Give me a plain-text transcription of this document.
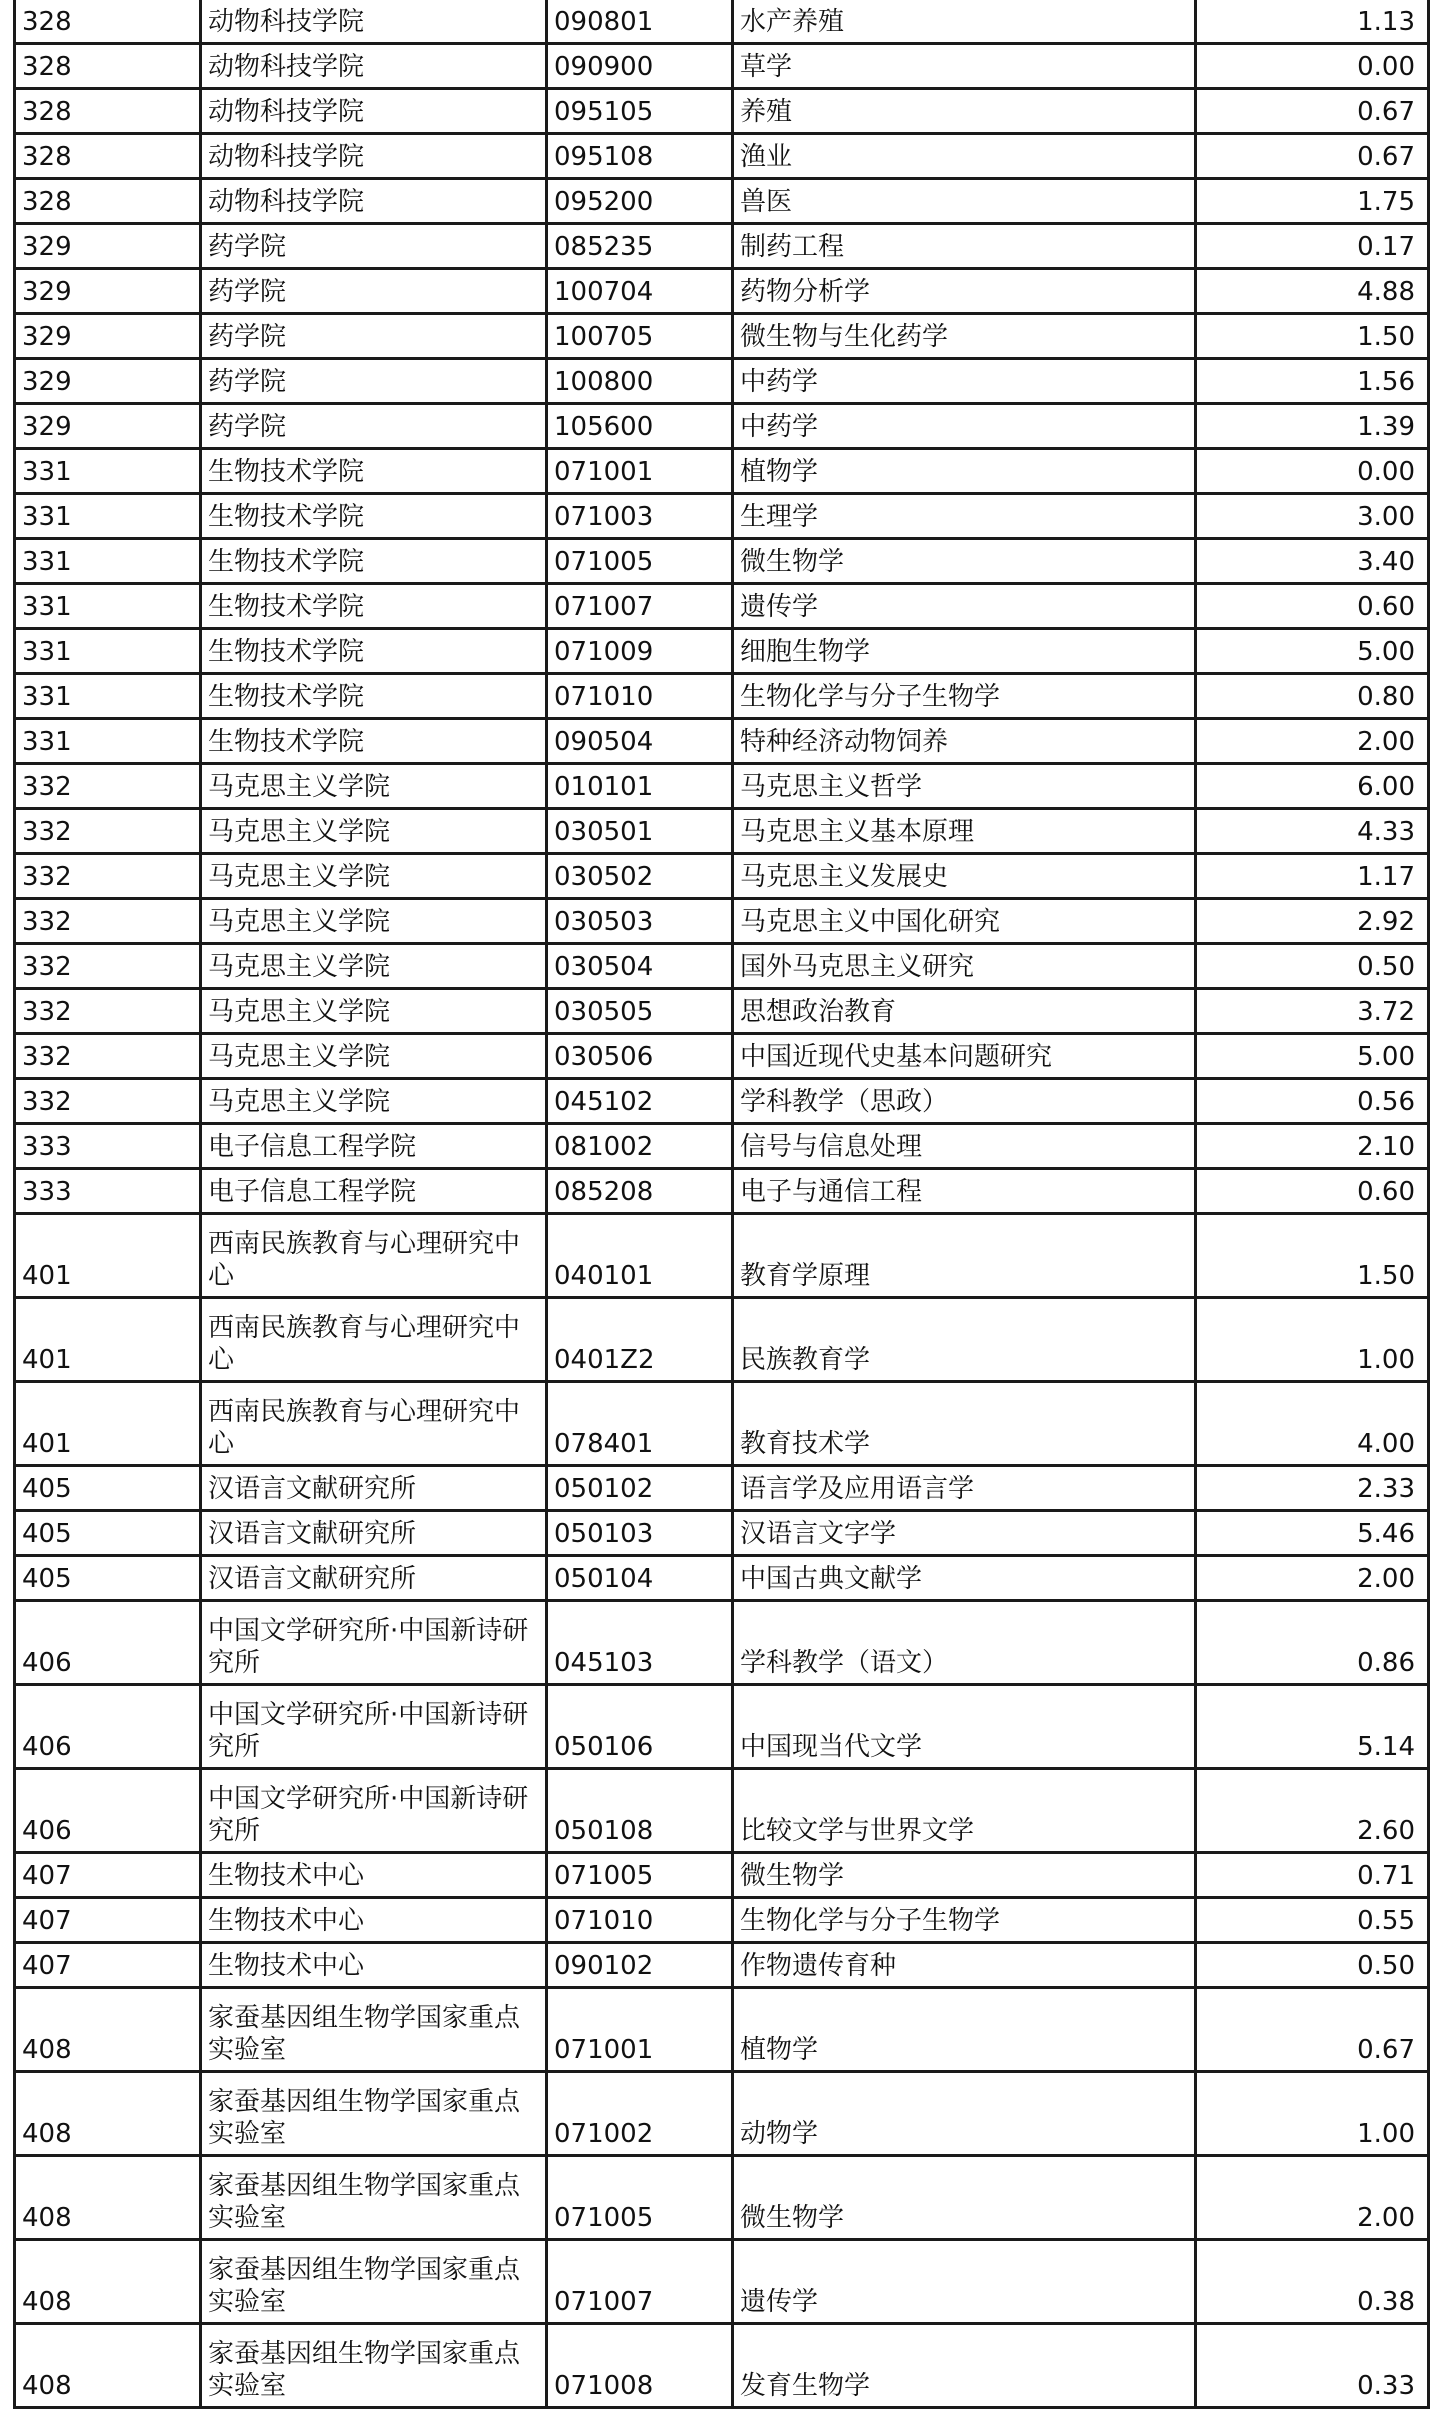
328	动物科技学院	090801	水产养殖	1.13
328	动物科技学院	090900	草学	0.00
328	动物科技学院	095105	养殖	0.67
328	动物科技学院	095108	渔业	0.67
328	动物科技学院	095200	兽医	1.75
329	药学院	085235	制药工程	0.17
329	药学院	100704	药物分析学	4.88
329	药学院	100705	微生物与生化药学	1.50
329	药学院	100800	中药学	1.56
329	药学院	105600	中药学	1.39
331	生物技术学院	071001	植物学	0.00
331	生物技术学院	071003	生理学	3.00
331	生物技术学院	071005	微生物学	3.40
331	生物技术学院	071007	遗传学	0.60
331	生物技术学院	071009	细胞生物学	5.00
331	生物技术学院	071010	生物化学与分子生物学	0.80
331	生物技术学院	090504	特种经济动物饲养	2.00
332	马克思主义学院	010101	马克思主义哲学	6.00
332	马克思主义学院	030501	马克思主义基本原理	4.33
332	马克思主义学院	030502	马克思主义发展史	1.17
332	马克思主义学院	030503	马克思主义中国化研究	2.92
332	马克思主义学院	030504	国外马克思主义研究	0.50
332	马克思主义学院	030505	思想政治教育	3.72
332	马克思主义学院	030506	中国近现代史基本问题研究	5.00
332	马克思主义学院	045102	学科教学（思政）	0.56
333	电子信息工程学院	081002	信号与信息处理	2.10
333	电子信息工程学院	085208	电子与通信工程	0.60
401	西南民族教育与心理研究中心	040101	教育学原理	1.50
401	西南民族教育与心理研究中心	0401Z2	民族教育学	1.00
401	西南民族教育与心理研究中心	078401	教育技术学	4.00
405	汉语言文献研究所	050102	语言学及应用语言学	2.33
405	汉语言文献研究所	050103	汉语言文字学	5.46
405	汉语言文献研究所	050104	中国古典文献学	2.00
406	中国文学研究所·中国新诗研究所	045103	学科教学（语文）	0.86
406	中国文学研究所·中国新诗研究所	050106	中国现当代文学	5.14
406	中国文学研究所·中国新诗研究所	050108	比较文学与世界文学	2.60
407	生物技术中心	071005	微生物学	0.71
407	生物技术中心	071010	生物化学与分子生物学	0.55
407	生物技术中心	090102	作物遗传育种	0.50
408	家蚕基因组生物学国家重点实验室	071001	植物学	0.67
408	家蚕基因组生物学国家重点实验室	071002	动物学	1.00
408	家蚕基因组生物学国家重点实验室	071005	微生物学	2.00
408	家蚕基因组生物学国家重点实验室	071007	遗传学	0.38
408	家蚕基因组生物学国家重点实验室	071008	发育生物学	0.33
